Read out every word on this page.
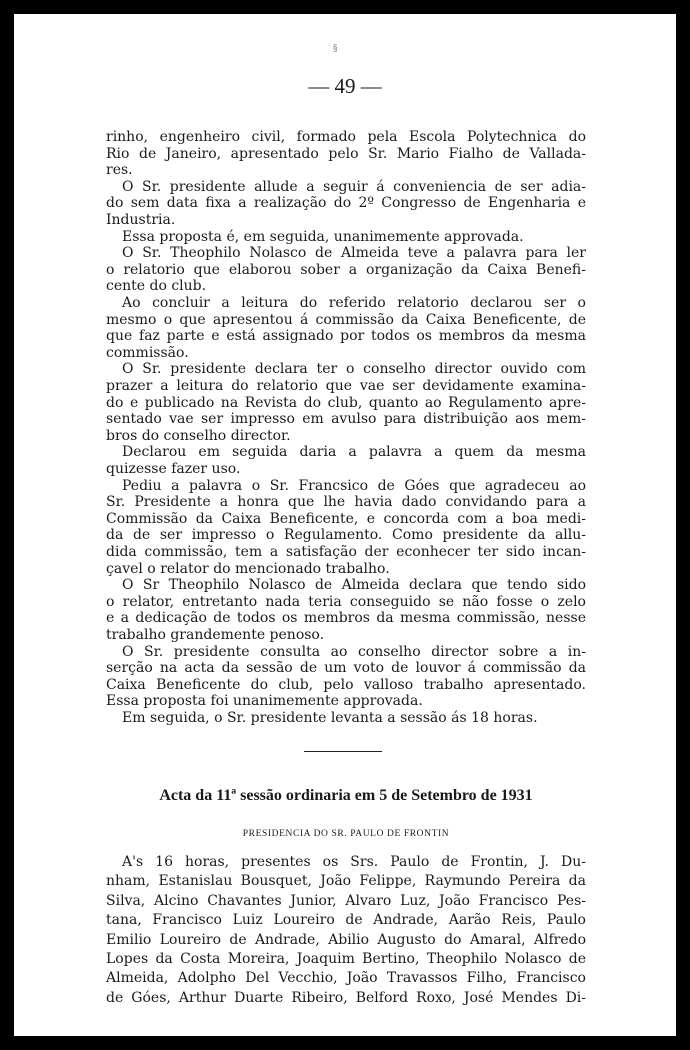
§
— 49 —
rinho, engenheiro civil, formado pela Escola Polytechnica do
Rio de Janeiro, apresentado pelo Sr. Mario Fialho de Vallada-
res.
O Sr. presidente allude a seguir á conveniencia de ser adia-
do sem data fixa a realização do 2º Congresso de Engenharia e
Industria.
Essa proposta é, em seguida, unanimemente approvada.
O Sr. Theophilo Nolasco de Almeida teve a palavra para ler
o relatorio que elaborou sober a organização da Caixa Benefi-
cente do club.
Ao concluir a leitura do referido relatorio declarou ser o
mesmo o que apresentou á commissão da Caixa Beneficente, de
que faz parte e está assignado por todos os membros da mesma
commissão.
O Sr. presidente declara ter o conselho director ouvido com
prazer a leitura do relatorio que vae ser devidamente examina-
do e publicado na Revista do club, quanto ao Regulamento apre-
sentado vae ser impresso em avulso para distribuição aos mem-
bros do conselho director.
Declarou em seguida daria a palavra a quem da mesma
quizesse fazer uso.
Pediu a palavra o Sr. Francsico de Góes que agradeceu ao
Sr. Presidente a honra que lhe havia dado convidando para a
Commissão da Caixa Beneficente, e concorda com a boa medi-
da de ser impresso o Regulamento. Como presidente da allu-
dida commissão, tem a satisfação der econhecer ter sido incan-
çavel o relator do mencionado trabalho.
O Sr Theophilo Nolasco de Almeida declara que tendo sido
o relator, entretanto nada teria conseguido se não fosse o zelo
e a dedicação de todos os membros da mesma commissão, nesse
trabalho grandemente penoso.
O Sr. presidente consulta ao conselho director sobre a in-
serção na acta da sessão de um voto de louvor á commissão da
Caixa Beneficente do club, pelo valloso trabalho apresentado.
Essa proposta foi unanimemente approvada.
Em seguida, o Sr. presidente levanta a sessão ás 18 horas.
Acta da 11ª sessão ordinaria em 5 de Setembro de 1931
PRESIDENCIA DO SR. PAULO DE FRONTIN
A's 16 horas, presentes os Srs. Paulo de Frontin, J. Du-
nham, Estanislau Bousquet, João Felippe, Raymundo Pereira da
Silva, Alcino Chavantes Junior, Alvaro Luz, João Francisco Pes-
tana, Francisco Luiz Loureiro de Andrade, Aarão Reis, Paulo
Emilio Loureiro de Andrade, Abilio Augusto do Amaral, Alfredo
Lopes da Costa Moreira, Joaquim Bertino, Theophilo Nolasco de
Almeida, Adolpho Del Vecchio, João Travassos Filho, Francisco
de Góes, Arthur Duarte Ribeiro, Belford Roxo, José Mendes Di-
